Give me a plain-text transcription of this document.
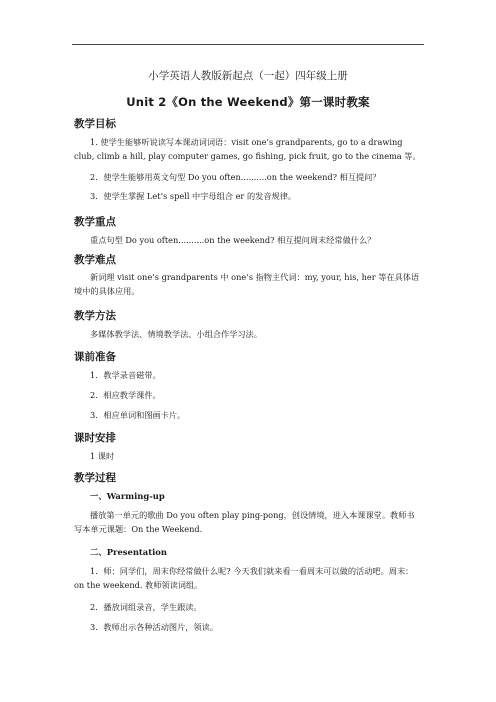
小学英语人教版新起点（一起）四年级上册
Unit 2《On the Weekend》第一课时教案
教学目标
1. 使学生能够听说读写本课动词词语：visit one’s grandparents, go to a drawing club, climb a hill, play computer games, go fishing, pick fruit, go to the cinema 等。
2．使学生能够用英文句型 Do you often..........on the weekend? 相互提问？
3．使学生掌握 Let’s spell 中字母组合 er 的发音规律。
教学重点
重点句型 Do you often..........on the weekend? 相互提问周末经常做什么？
教学难点
新词理 visit one’s grandparents 中 one’s 指物主代词：my, your, his, her 等在具体语境中的具体应用。
教学方法
多媒体教学法、情境教学法、小组合作学习法。
课前准备
1．教学录音磁带。
2．相应教学课件。
3．相应单词和图画卡片。
课时安排
1 课时
教学过程
一、Warming-up
播放第一单元的歌曲 Do you often play ping-pong，创设情境，进入本课课堂。教师书写本单元课题：On the Weekend.
二、Presentation
1．师：同学们，周末你经常做什么呢? 今天我们就来看一看周末可以做的活动吧。周末：on the weekend. 教师领读词组。
2．播放词组录音，学生跟读。
3．教师出示各种活动图片，领读。
